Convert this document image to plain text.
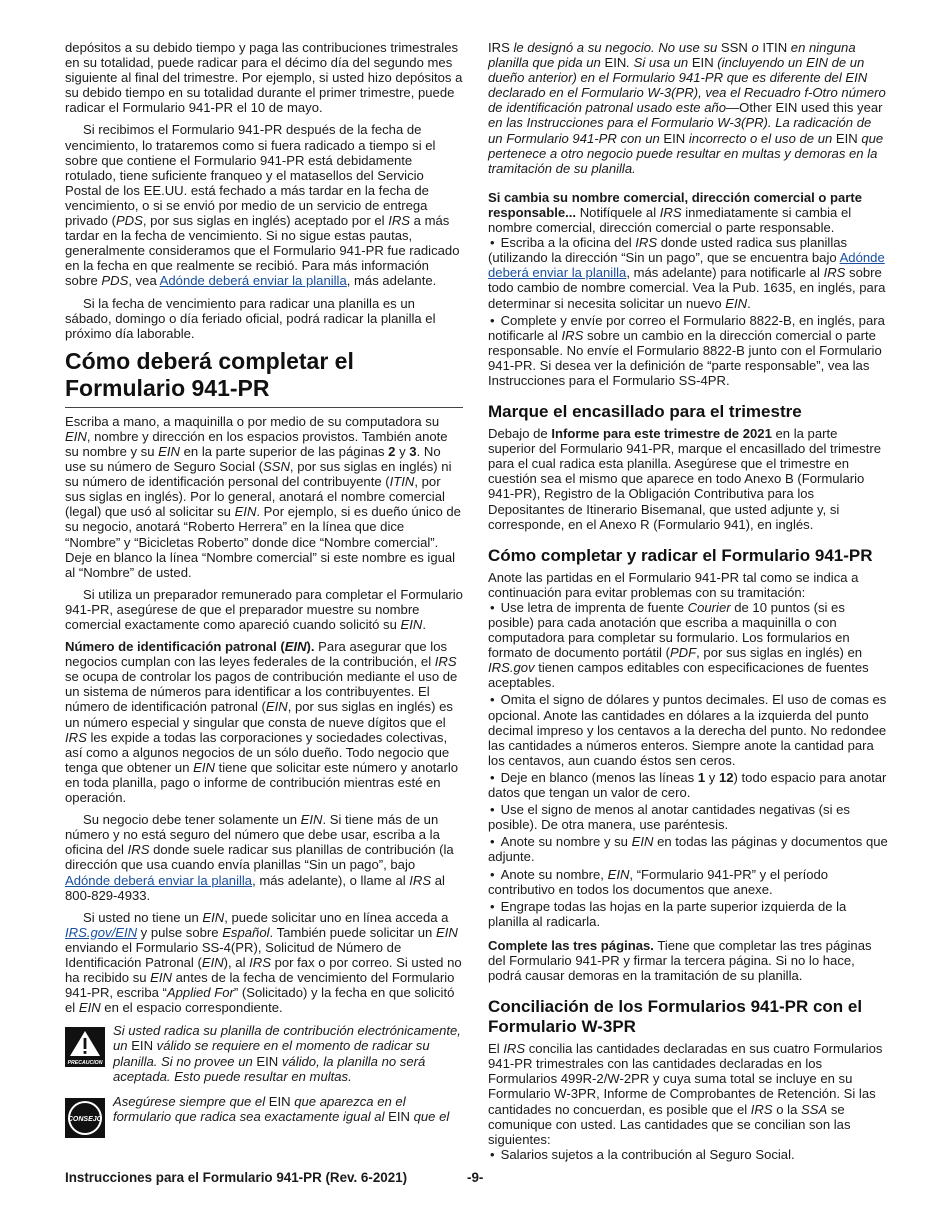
depósitos a su debido tiempo y paga las contribuciones trimestrales en su totalidad, puede radicar para el décimo día del segundo mes siguiente al final del trimestre. Por ejemplo, si usted hizo depósitos a su debido tiempo en su totalidad durante el primer trimestre, puede radicar el Formulario 941-PR el 10 de mayo.

Si recibimos el Formulario 941-PR después de la fecha de vencimiento, lo trataremos como si fuera radicado a tiempo si el sobre que contiene el Formulario 941-PR está debidamente rotulado, tiene suficiente franqueo y el matasellos del Servicio Postal de los EE.UU. está fechado a más tardar en la fecha de vencimiento, o si se envió por medio de un servicio de entrega privado (PDS, por sus siglas en inglés) aceptado por el IRS a más tardar en la fecha de vencimiento. Si no sigue estas pautas, generalmente consideramos que el Formulario 941-PR fue radicado en la fecha en que realmente se recibió. Para más información sobre PDS, vea Adónde deberá enviar la planilla, más adelante.

Si la fecha de vencimiento para radicar una planilla es un sábado, domingo o día feriado oficial, podrá radicar la planilla el próximo día laborable.

Cómo deberá completar el Formulario 941-PR

Escriba a mano, a maquinilla o por medio de su computadora su EIN, nombre y dirección en los espacios provistos. También anote su nombre y su EIN en la parte superior de las páginas 2 y 3. No use su número de Seguro Social (SSN, por sus siglas en inglés) ni su número de identificación personal del contribuyente (ITIN, por sus siglas en inglés). Por lo general, anotará el nombre comercial (legal) que usó al solicitar su EIN. Por ejemplo, si es dueño único de su negocio, anotará “Roberto Herrera” en la línea que dice “Nombre” y “Bicicletas Roberto” donde dice “Nombre comercial”. Deje en blanco la línea “Nombre comercial” si este nombre es igual al “Nombre” de usted.

Si utiliza un preparador remunerado para completar el Formulario 941-PR, asegúrese de que el preparador muestre su nombre comercial exactamente como apareció cuando solicitó su EIN.

Número de identificación patronal (EIN). Para asegurar que los negocios cumplan con las leyes federales de la contribución, el IRS se ocupa de controlar los pagos de contribución mediante el uso de un sistema de números para identificar a los contribuyentes. El número de identificación patronal (EIN, por sus siglas en inglés) es un número especial y singular que consta de nueve dígitos que el IRS les expide a todas las corporaciones y sociedades colectivas, así como a algunos negocios de un sólo dueño. Todo negocio que tenga que obtener un EIN tiene que solicitar este número y anotarlo en toda planilla, pago o informe de contribución mientras esté en operación.

Su negocio debe tener solamente un EIN. Si tiene más de un número y no está seguro del número que debe usar, escriba a la oficina del IRS donde suele radicar sus planillas de contribución (la dirección que usa cuando envía planillas “Sin un pago”, bajo Adónde deberá enviar la planilla, más adelante), o llame al IRS al 800-829-4933.

Si usted no tiene un EIN, puede solicitar uno en línea acceda a IRS.gov/EIN y pulse sobre Español. También puede solicitar un EIN enviando el Formulario SS-4(PR), Solicitud de Número de Identificación Patronal (EIN), al IRS por fax o por correo. Si usted no ha recibido su EIN antes de la fecha de vencimiento del Formulario 941-PR, escriba “Applied For” (Solicitado) y la fecha en que solicitó el EIN en el espacio correspondiente.

PRECAUCION
Si usted radica su planilla de contribución electrónicamente, un EIN válido se requiere en el momento de radicar su planilla. Si no provee un EIN válido, la planilla no será aceptada. Esto puede resultar en multas.
CONSEJO
Asegúrese siempre que el EIN que aparezca en el formulario que radica sea exactamente igual al EIN que el

IRS le designó a su negocio. No use su SSN o ITIN en ninguna planilla que pida un EIN. Si usa un EIN (incluyendo un EIN de un dueño anterior) en el Formulario 941-PR que es diferente del EIN declarado en el Formulario W-3(PR), vea el Recuadro f-Otro número de identificación patronal usado este año—Other EIN used this year en las Instrucciones para el Formulario W-3(PR). La radicación de un Formulario 941-PR con un EIN incorrecto o el uso de un EIN que pertenece a otro negocio puede resultar en multas y demoras en la tramitación de su planilla.

Si cambia su nombre comercial, dirección comercial o parte responsable... Notifíquele al IRS inmediatamente si cambia el nombre comercial, dirección comercial o parte responsable.

• Escriba a la oficina del IRS donde usted radica sus planillas (utilizando la dirección “Sin un pago”, que se encuentra bajo Adónde deberá enviar la planilla, más adelante) para notificarle al IRS sobre todo cambio de nombre comercial. Vea la Pub. 1635, en inglés, para determinar si necesita solicitar un nuevo EIN.

• Complete y envíe por correo el Formulario 8822-B, en inglés, para notificarle al IRS sobre un cambio en la dirección comercial o parte responsable. No envíe el Formulario 8822-B junto con el Formulario 941-PR. Si desea ver la definición de “parte responsable”, vea las Instrucciones para el Formulario SS-4PR.

Marque el encasillado para el trimestre

Debajo de Informe para este trimestre de 2021 en la parte superior del Formulario 941-PR, marque el encasillado del trimestre para el cual radica esta planilla. Asegúrese que el trimestre en cuestión sea el mismo que aparece en todo Anexo B (Formulario 941-PR), Registro de la Obligación Contributiva para los Depositantes de Itinerario Bisemanal, que usted adjunte y, si corresponde, en el Anexo R (Formulario 941), en inglés.

Cómo completar y radicar el Formulario 941-PR

Anote las partidas en el Formulario 941-PR tal como se indica a continuación para evitar problemas con su tramitación:

• Use letra de imprenta de fuente Courier de 10 puntos (si es posible) para cada anotación que escriba a maquinilla o con computadora para completar su formulario. Los formularios en formato de documento portátil (PDF, por sus siglas en inglés) en IRS.gov tienen campos editables con especificaciones de fuentes aceptables.

• Omita el signo de dólares y puntos decimales. El uso de comas es opcional. Anote las cantidades en dólares a la izquierda del punto decimal impreso y los centavos a la derecha del punto. No redondee las cantidades a números enteros. Siempre anote la cantidad para los centavos, aun cuando éstos sen ceros.

• Deje en blanco (menos las líneas 1 y 12) todo espacio para anotar datos que tengan un valor de cero.

• Use el signo de menos al anotar cantidades negativas (si es posible). De otra manera, use paréntesis.

• Anote su nombre y su EIN en todas las páginas y documentos que adjunte.

• Anote su nombre, EIN, “Formulario 941-PR” y el período contributivo en todos los documentos que anexe.

• Engrape todas las hojas en la parte superior izquierda de la planilla al radicarla.

Complete las tres páginas. Tiene que completar las tres páginas del Formulario 941-PR y firmar la tercera página. Si no lo hace, podrá causar demoras en la tramitación de su planilla.

Conciliación de los Formularios 941-PR con el Formulario W-3PR

El IRS concilia las cantidades declaradas en sus cuatro Formularios 941-PR trimestrales con las cantidades declaradas en los Formularios 499R-2/W-2PR y cuya suma total se incluye en su Formulario W-3PR, Informe de Comprobantes de Retención. Si las cantidades no concuerdan, es posible que el IRS o la SSA se comunique con usted. Las cantidades que se concilian son las siguientes:

• Salarios sujetos a la contribución al Seguro Social.

Instrucciones para el Formulario 941-PR (Rev. 6-2021)	-9-
